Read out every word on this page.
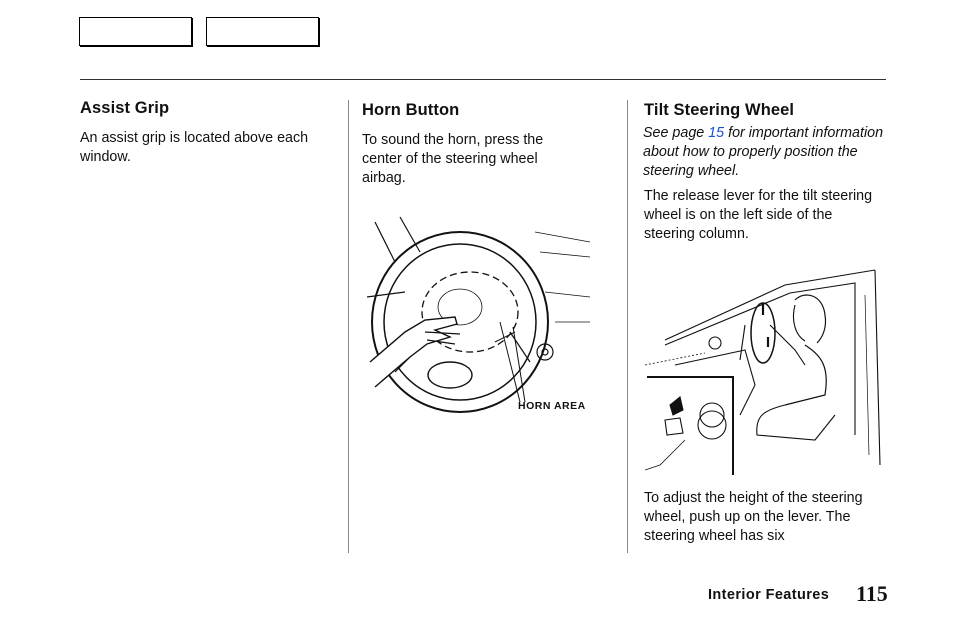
Assist Grip

An assist grip is located above each window.

Horn Button

To sound the horn, press the center of the steering wheel airbag.

HORN AREA
Tilt Steering Wheel

See page 15 for important information about how to properly position the steering wheel.

The release lever for the tilt steering wheel is on the left side of the steering column.

To adjust the height of the steering wheel, push up on the lever. The steering wheel has six

Interior Features 115
